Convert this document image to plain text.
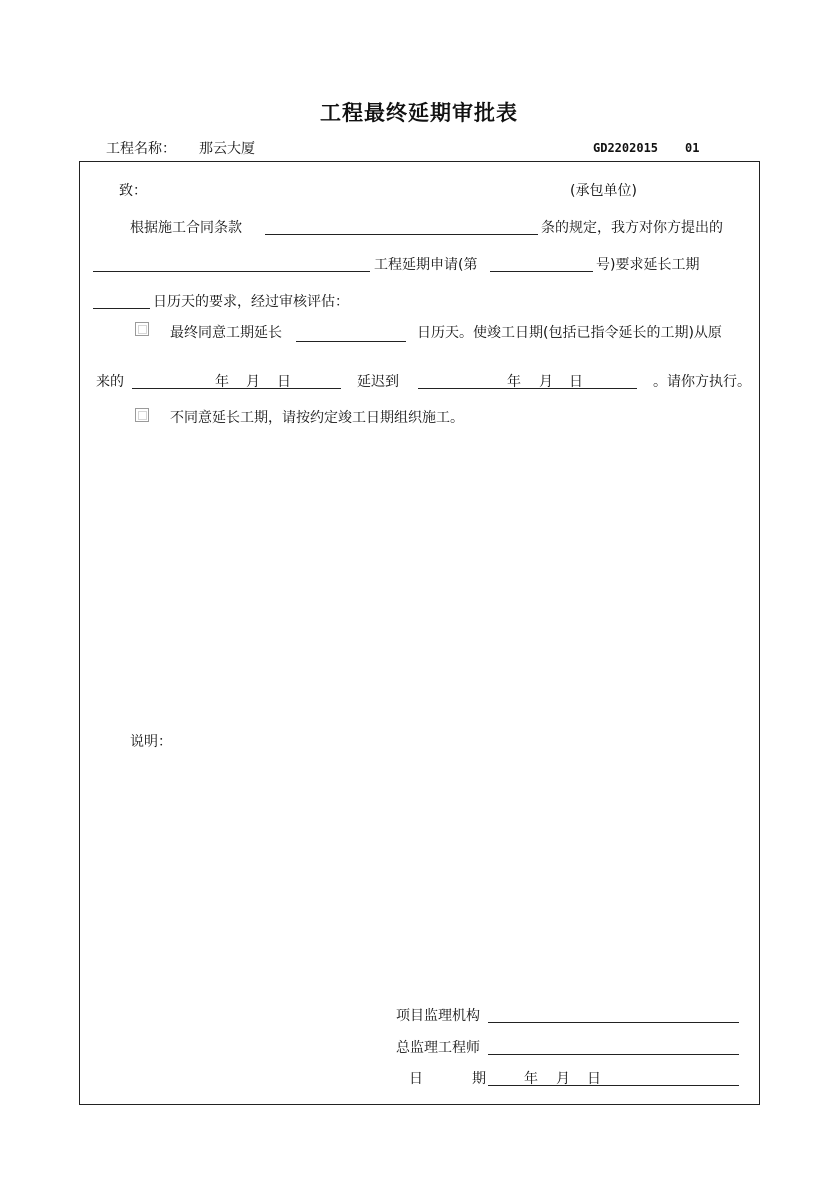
工程最终延期审批表
工程名称： 那云大厦	GD2202015 01
致：	(承包单位)
根据施工合同条款	条的规定，我方对你方提出的
工程延期申请(第	号)要求延长工期
日历天的要求，经过审核评估：
最终同意工期延长	日历天。使竣工日期(包括已指令延长的工期)从原
来的	年 月 日	延迟到	年 月 日	。请你方执行。
不同意延长工期，请按约定竣工日期组织施工。
说明：
项目监理机构
总监理工程师
日	期	年 月 日
